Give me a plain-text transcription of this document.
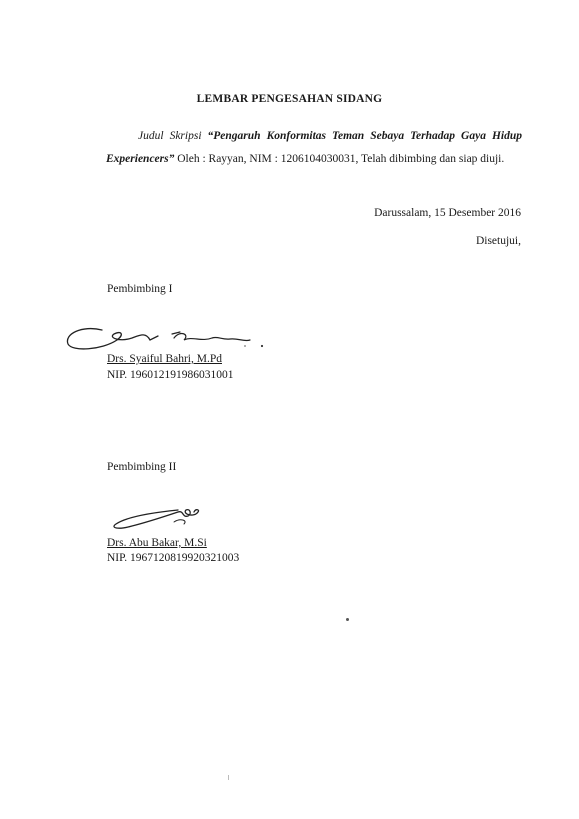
LEMBAR PENGESAHAN SIDANG

Judul Skripsi “Pengaruh Konformitas Teman Sebaya Terhadap Gaya Hidup Experiencers” Oleh : Rayyan, NIM : 1206104030031, Telah dibimbing dan siap diuji.

Darussalam, 15 Desember 2016
Disetujui,
Pembimbing I
Drs. Syaiful Bahri, M.Pd
NIP. 196012191986031001
Pembimbing II
Drs. Abu Bakar, M.Si
NIP. 196712081992032100​3
